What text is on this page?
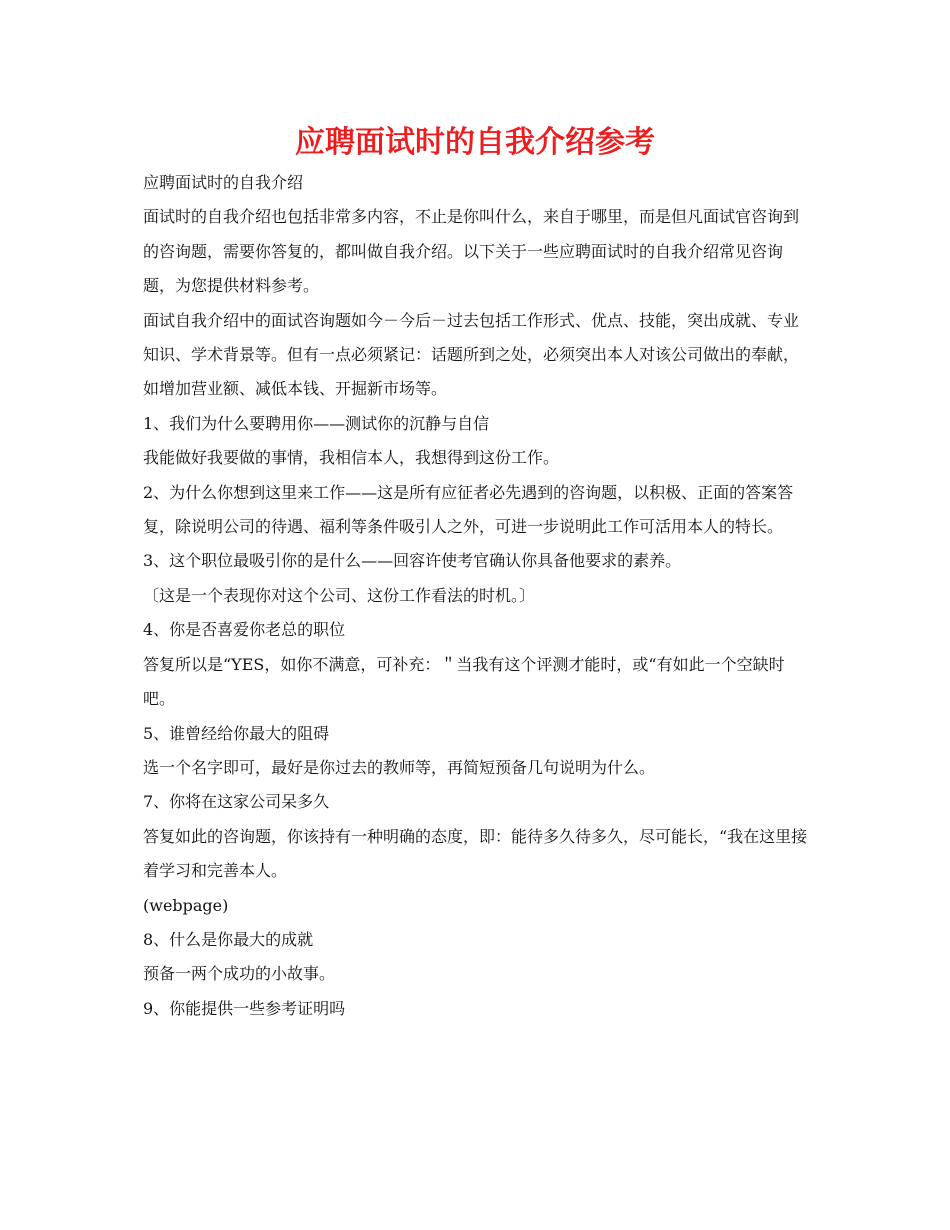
应聘面试时的自我介绍参考

应聘面试时的自我介绍

面试时的自我介绍也包括非常多内容，不止是你叫什么，来自于哪里，而是但凡面试官咨询到的咨询题，需要你答复的，都叫做自我介绍。以下关于一些应聘面试时的自我介绍常见咨询题，为您提供材料参考。

面试自我介绍中的面试咨询题如今－今后－过去包括工作形式、优点、技能，突出成就、专业知识、学术背景等。但有一点必须紧记：话题所到之处，必须突出本人对该公司做出的奉献，如增加营业额、减低本钱、开掘新市场等。

1、我们为什么要聘用你——测试你的沉静与自信

我能做好我要做的事情，我相信本人，我想得到这份工作。

2、为什么你想到这里来工作——这是所有应征者必先遇到的咨询题，以积极、正面的答案答复，除说明公司的待遇、福利等条件吸引人之外，可进一步说明此工作可活用本人的特长。

3、这个职位最吸引你的是什么——回容许使考官确认你具备他要求的素养。

〔这是一个表现你对这个公司、这份工作看法的时机。〕

4、你是否喜爱你老总的职位

答复所以是“YES，如你不满意，可补充：＂当我有这个评测才能时，或“有如此一个空缺时吧。

5、谁曾经给你最大的阻碍

选一个名字即可，最好是你过去的教师等，再简短预备几句说明为什么。

7、你将在这家公司呆多久

答复如此的咨询题，你该持有一种明确的态度，即：能待多久待多久，尽可能长，“我在这里接着学习和完善本人。

(webpage)

8、什么是你最大的成就

预备一两个成功的小故事。

9、你能提供一些参考证明吗
